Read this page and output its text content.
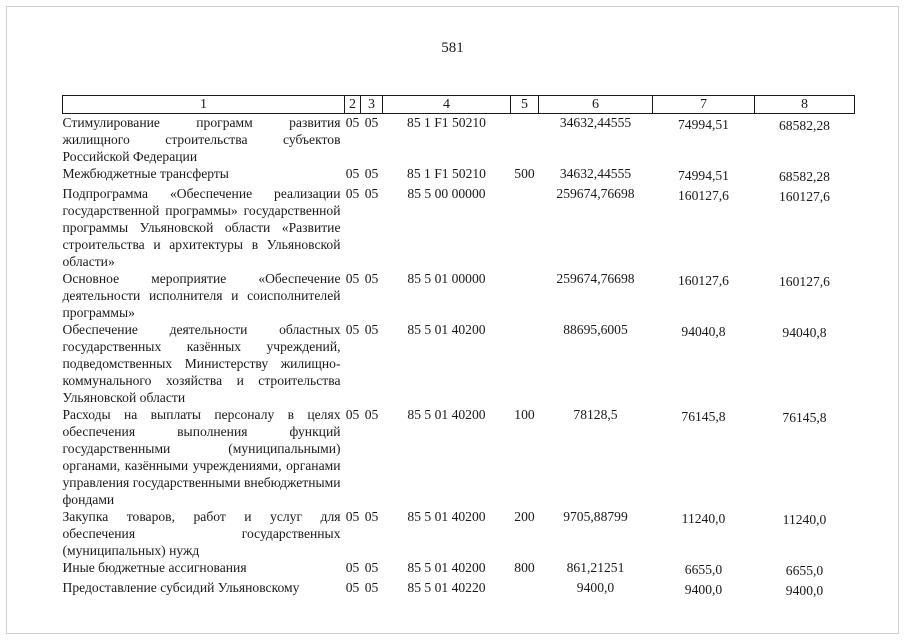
581
1	2	3	4	5	6	7	8
Стимулирование программ развития жилищного строительства субъектов Российской Федерации	05	05	85 1 F1 50210		34632,44555	74994,51	68582,28
Межбюджетные трансферты	05	05	85 1 F1 50210	500	34632,44555	74994,51	68582,28
Подпрограмма «Обеспечение реализации государственной программы» государственной программы Ульяновской области «Развитие строительства и архитектуры в Ульяновской области»	05	05	85 5 00 00000		259674,76698	160127,6	160127,6
Основное мероприятие «Обеспечение деятельности исполнителя и соисполнителей программы»	05	05	85 5 01 00000		259674,76698	160127,6	160127,6
Обеспечение деятельности областных государственных казённых учреждений, подведомственных Министерству жилищно-коммунального хозяйства и строительства Ульяновской области	05	05	85 5 01 40200		88695,6005	94040,8	94040,8
Расходы на выплаты персоналу в целях обеспечения выполнения функций государственными (муниципальными) органами, казёнными учреждениями, органами управления государственными внебюджетными фондами	05	05	85 5 01 40200	100	78128,5	76145,8	76145,8
Закупка товаров, работ и услуг для обеспечения государственных (муниципальных) нужд	05	05	85 5 01 40200	200	9705,88799	11240,0	11240,0
Иные бюджетные ассигнования	05	05	85 5 01 40200	800	861,21251	6655,0	6655,0
Предоставление субсидий Ульяновскому	05	05	85 5 01 40220		9400,0	9400,0	9400,0
